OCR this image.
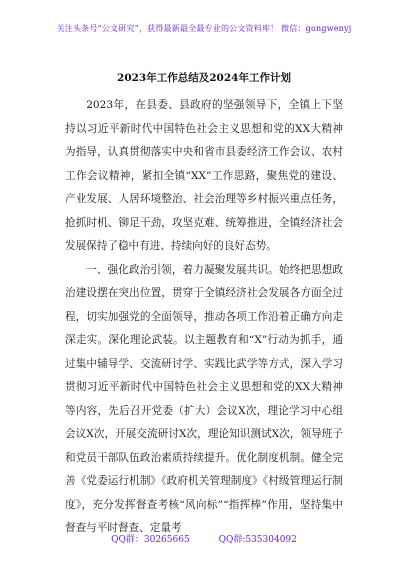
关注头条号“公文研究”，获得最新最全最专业的公文资料库！ 微信：gongwenyj
2023年工作总结及2024年工作计划

2023年，在县委、县政府的坚强领导下，全镇上下坚持以习近平新时代中国特色社会主义思想和党的XX大精神为指导，认真贯彻落实中央和省市县委经济工作会议、农村工作会议精神，紧扣全镇“XX”工作思路，聚焦党的建设、产业发展、人居环境整治、社会治理等乡村振兴重点任务，抢抓时机、铆足干劲，攻坚克难、统筹推进，全镇经济社会发展保持了稳中有进、持续向好的良好态势。

一、强化政治引领，着力凝聚发展共识。始终把思想政治建设摆在突出位置，贯穿于全镇经济社会发展各方面全过程，切实加强党的全面领导，推动各项工作沿着正确方向走深走实。深化理论武装。以主题教育和“X”行动为抓手，通过集中辅导学、交流研讨学、实践比武学等方式，深入学习贯彻习近平新时代中国特色社会主义思想和党的XX大精神等内容，先后召开党委（扩大）会议X次，理论学习中心组会议X次，开展交流研讨X次，理论知识测试X次，领导班子和党员干部队伍政治素质持续提升。优化制度机制。健全完善《党委运行机制》《政府机关管理制度》《村级管理运行制度》，充分发挥督查考核“风向标”“指挥棒”作用，坚持集中督查与平时督查、定量考

QQ群：30265665	QQ群:535304092
